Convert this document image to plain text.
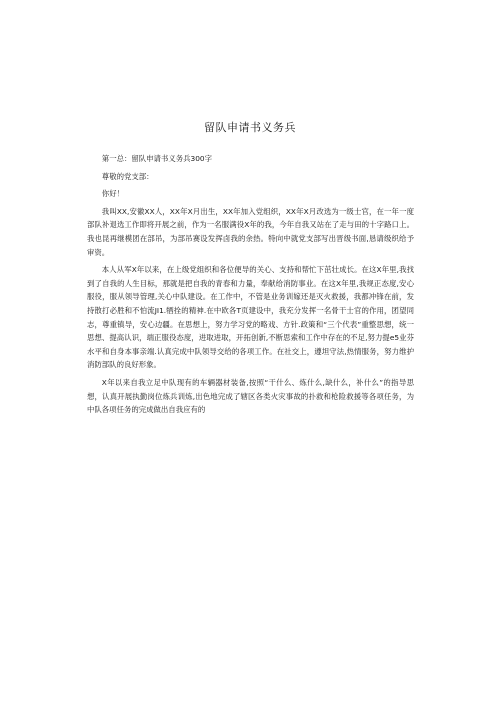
留队申请书义务兵

第一总：留队申请书义务兵300字

尊敬的党支部：

你好！

我叫XX,安徽XX人，XX年X月出生，XX年加入党组织，XX年X月改选为一级士官，在一年一度部队补退选工作即将开展之前，作为一名服满役X年的我，今年自我又站在了走与田的十字路口上。我也昆再继模团在部吊，为部吊赛设发挥卤我的余热。特向中就党支部写出晋级书面,恳请级织给予审资。

本人从军X年以来，在上级党组织和各位便导的关心、支持和帮忙下茁壮成长。在这X年里,我找到了自我的人生目标，那就是把自我的青春和力量，奉献给消防事业。在这X年里,我规正态度,安心服役，服从领导管理,关心中队建设。在工作中，不管是业务训嫁还是灭火救援，我都冲锋在前，发持散打必胜和不怕流JI1.牺拴的精神.在中欧各T页建设中，我充分发挥一名骨干士官的作用，团望同志，尊重镇导，安心边疆。在思想上，努力学习党的略戏、方针.政策和“三个代表”重整思想，统一思想、提高认识，端正服役态度，进取进取，开拓创新,不断思索和工作中存在的不足,努力提e5业芬水平和自身本事亲端.认真完成中队领导交给的各项工作。在社交上，遵坦守法,热情服务，努力维护消防部队的良好形象。

X年以来自我立足中队现有的车辆器材装备,按照“干什么、炼什么,缺什么，补什么”的指导思想，认真开展执勤岗位炼兵训炼,出色地完成了辖区各类火灾事故的扑救和枪险救援等各项任务，为中队各项任务的完成做出自我应有的
